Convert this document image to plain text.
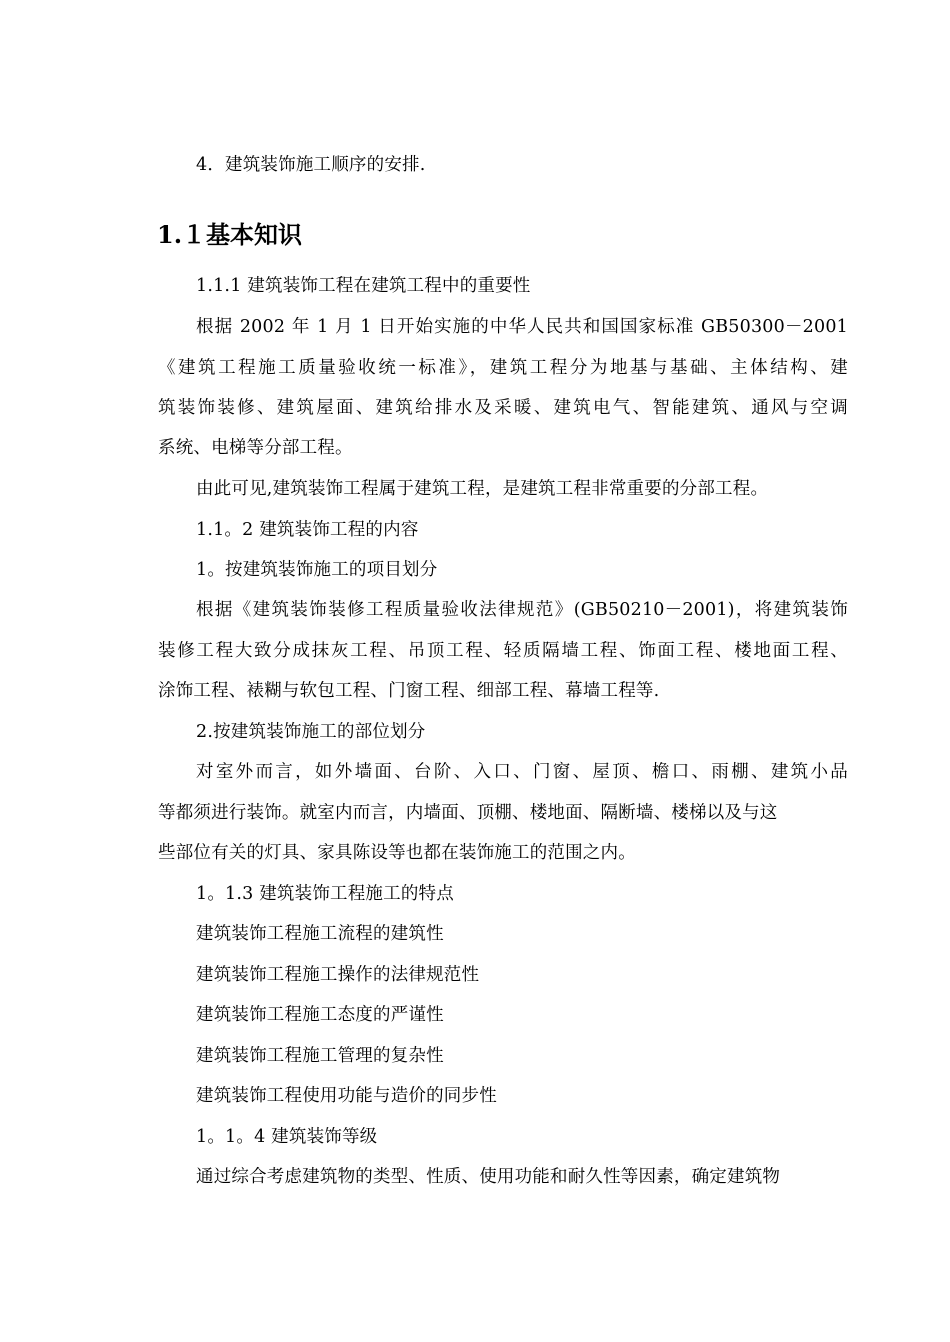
4．建筑装饰施工顺序的安排.
1.１基本知识
1.1.1 建筑装饰工程在建筑工程中的重要性
根据 2002 年 1 月 1 日开始实施的中华人民共和国国家标准 GB50300－2001
《建筑工程施工质量验收统一标准》，建筑工程分为地基与基础、主体结构、建
筑装饰装修、建筑屋面、建筑给排水及采暖、建筑电气、智能建筑、通风与空调
系统、电梯等分部工程。
由此可见,建筑装饰工程属于建筑工程，是建筑工程非常重要的分部工程。
1.1。2 建筑装饰工程的内容
1。按建筑装饰施工的项目划分
根据《建筑装饰装修工程质量验收法律规范》(GB50210－2001)，将建筑装饰
装修工程大致分成抹灰工程、吊顶工程、轻质隔墙工程、饰面工程、楼地面工程、
涂饰工程、裱糊与软包工程、门窗工程、细部工程、幕墙工程等.
2.按建筑装饰施工的部位划分
对室外而言，如外墙面、台阶、入口、门窗、屋顶、檐口、雨棚、建筑小品
等都须进行装饰。就室内而言，内墙面、顶棚、楼地面、隔断墙、楼梯以及与这
些部位有关的灯具、家具陈设等也都在装饰施工的范围之内。
1。1.3 建筑装饰工程施工的特点
建筑装饰工程施工流程的建筑性
建筑装饰工程施工操作的法律规范性
建筑装饰工程施工态度的严谨性
建筑装饰工程施工管理的复杂性
建筑装饰工程使用功能与造价的同步性
1。1。4 建筑装饰等级
通过综合考虑建筑物的类型、性质、使用功能和耐久性等因素，确定建筑物
